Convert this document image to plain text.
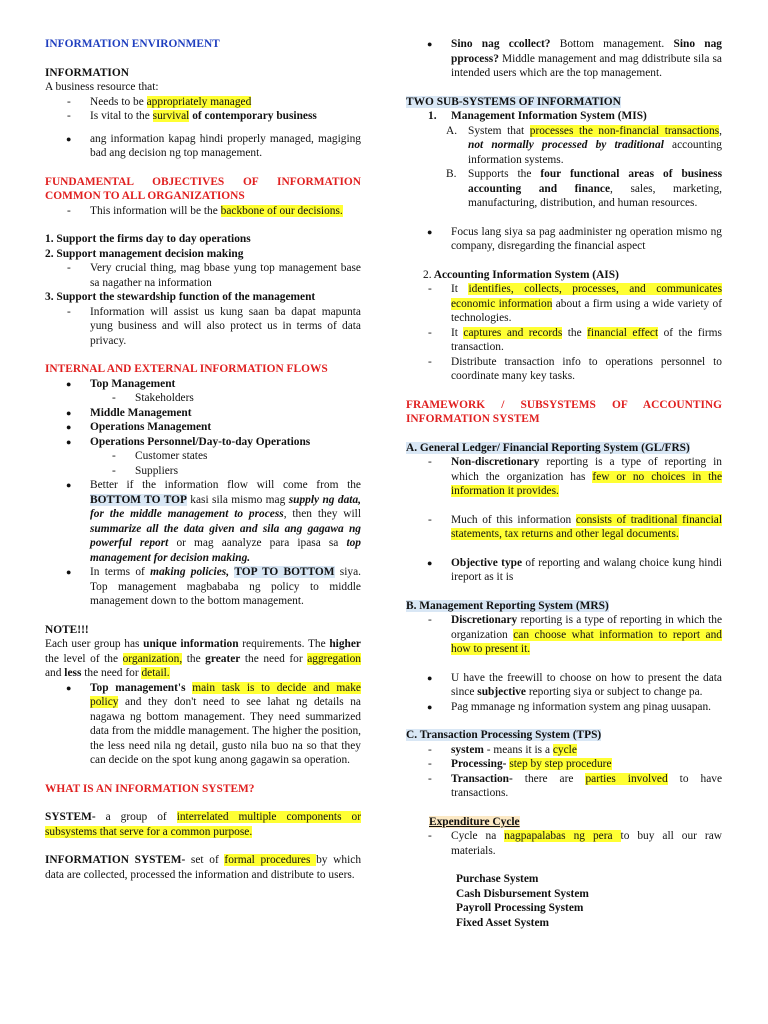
INFORMATION ENVIRONMENT

INFORMATION

A business resource that:

- Needs to be appropriately managed

- Is vital to the survival of contemporary business

● ang information kapag hindi properly managed, magiging bad ang decision ng top management.

FUNDAMENTAL OBJECTIVES OF INFORMATION COMMON TO ALL ORGANIZATIONS

- This information will be the backbone of our decisions.

1. Support the firms day to day operations

2. Support management decision making

- Very crucial thing, mag bbase yung top management base sa nagather na information

3. Support the stewardship function of the management

- Information will assist us kung saan ba dapat mapunta yung business and will also protect us in terms of data privacy.

INTERNAL AND EXTERNAL INFORMATION FLOWS

● Top Management

- Stakeholders

● Middle Management

● Operations Management

● Operations Personnel/Day-to-day Operations

- Customer states

- Suppliers

● Better if the information flow will come from the BOTTOM TO TOP kasi sila mismo mag supply ng data, for the middle management to process, then they will summarize all the data given and sila ang gagawa ng powerful report or mag aanalyze para ipasa sa top management for decision making.

● In terms of making policies, TOP TO BOTTOM siya. Top management magbababa ng policy to middle management down to the bottom management.

NOTE!!!

Each user group has unique information requirements. The higher the level of the organization, the greater the need for aggregation and less the need for detail.

● Top management's main task is to decide and make policy and they don't need to see lahat ng details na nagawa ng bottom management. They need summarized data from the middle management. The higher the position, the less need nila ng detail, gusto nila buo na so that they can decide on the spot kung anong gagawin sa operation.

WHAT IS AN INFORMATION SYSTEM?

SYSTEM- a group of interrelated multiple components or subsystems that serve for a common purpose.

INFORMATION SYSTEM- set of formal procedures by which data are collected, processed the information and distribute to users.

● Sino nag ccollect? Bottom management. Sino nag pprocess? Middle management and mag ddistribute sila sa intended users which are the top management.

TWO SUB-SYSTEMS OF INFORMATION

1. Management Information System (MIS)

A. System that processes the non-financial transactions, not normally processed by traditional accounting information systems.

B. Supports the four functional areas of business accounting and finance, sales, marketing, manufacturing, distribution, and human resources.

● Focus lang siya sa pag aadminister ng operation mismo ng company, disregarding the financial aspect

2. Accounting Information System (AIS)

- It identifies, collects, processes, and communicates economic information about a firm using a wide variety of technologies.

- It captures and records the financial effect of the firms transaction.

- Distribute transaction info to operations personnel to coordinate many key tasks.

FRAMEWORK / SUBSYSTEMS OF ACCOUNTING INFORMATION SYSTEM

A. General Ledger/ Financial Reporting System (GL/FRS)

- Non-discretionary reporting is a type of reporting in which the organization has few or no choices in the information it provides.

- Much of this information consists of traditional financial statements, tax returns and other legal documents.

● Objective type of reporting and walang choice kung hindi ireport as it is

B. Management Reporting System (MRS)

- Discretionary reporting is a type of reporting in which the organization can choose what information to report and how to present it.

● U have the freewill to choose on how to present the data since subjective reporting siya or subject to change pa.

● Pag mmanage ng information system ang pinag uusapan.

C. Transaction Processing System (TPS)

- system - means it is a cycle

- Processing- step by step procedure

- Transaction- there are parties involved to have transactions.

Expenditure Cycle

- Cycle na nagpapalabas ng pera to buy all our raw materials.

Purchase System

Cash Disbursement System

Payroll Processing System

Fixed Asset System
